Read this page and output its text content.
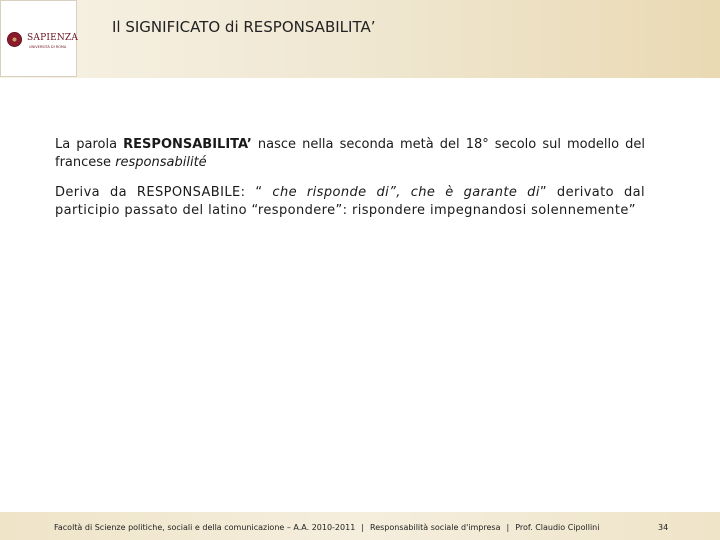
SAPIENZA
UNIVERSITÀ DI ROMA
Il SIGNIFICATO di RESPONSABILITA’

La parola RESPONSABILITA’ nasce nella seconda metà del 18° secolo sul modello del francese responsabilité

Deriva da RESPONSABILE: “ che risponde di”, che è garante di” derivato dal participio passato del latino “respondere”: rispondere impegnandosi solennemente”

Facoltà di Scienze politiche, sociali e della comunicazione – A.A. 2010-2011 | Responsabilità sociale d'impresa | Prof. Claudio Cipollini	34
